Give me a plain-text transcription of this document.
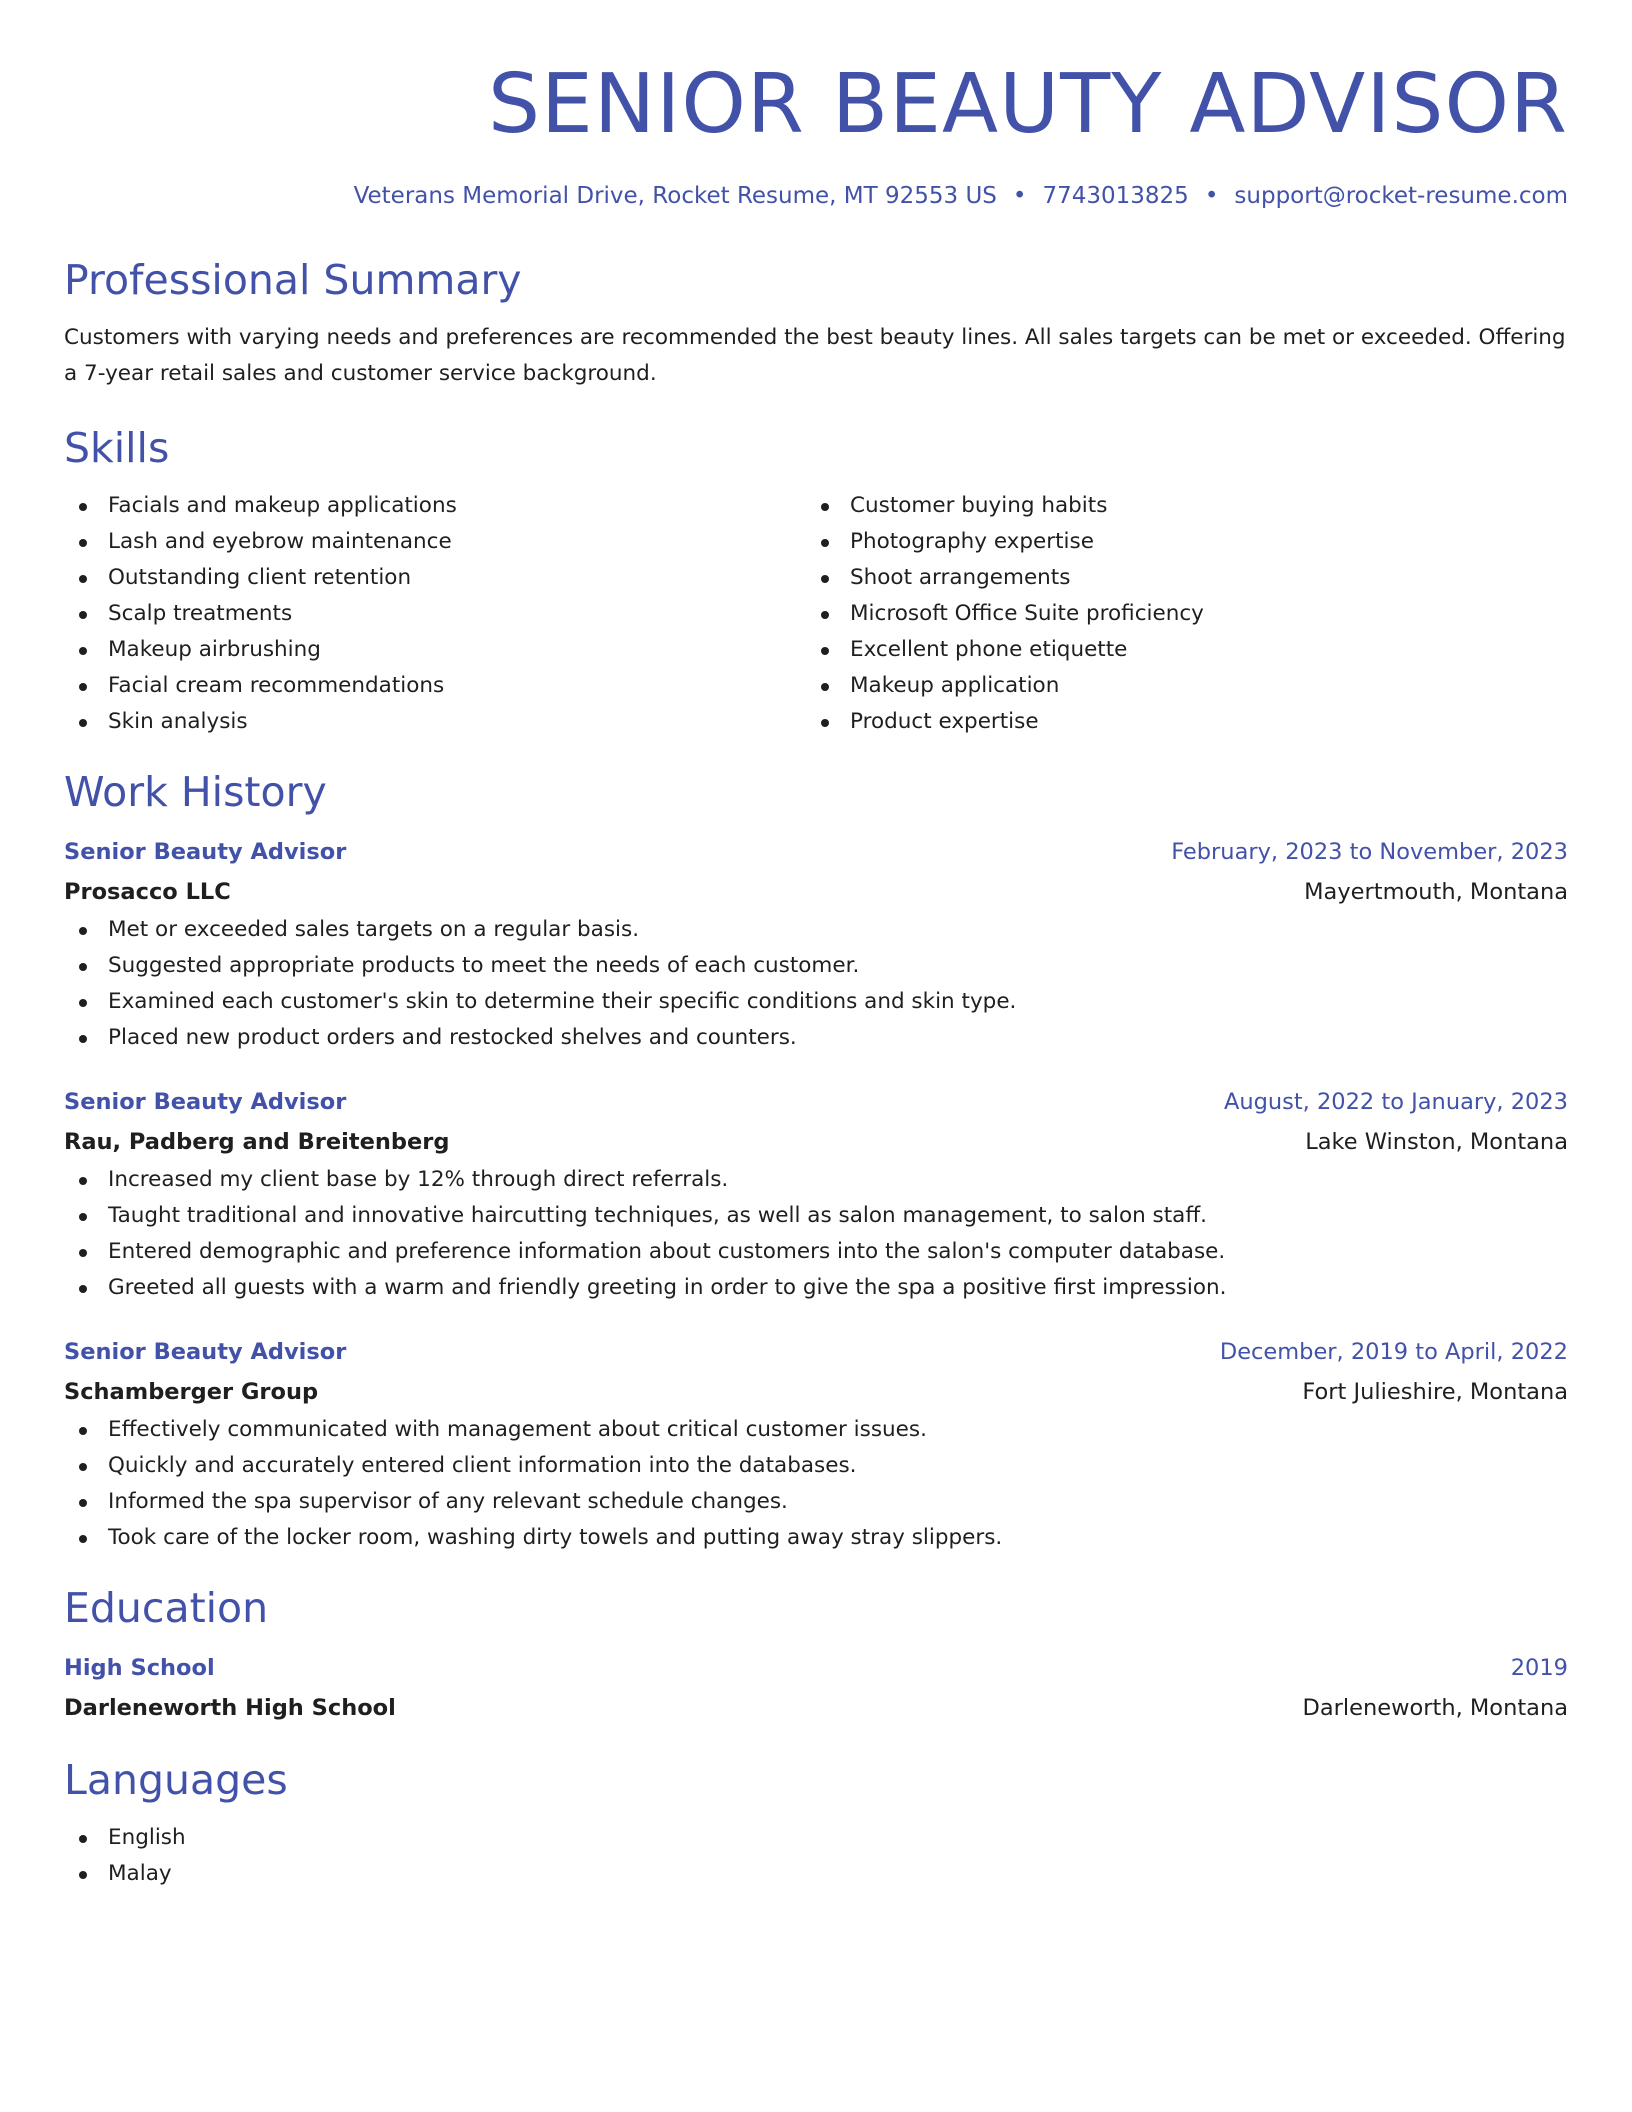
SENIOR BEAUTY ADVISOR
Veterans Memorial Drive, Rocket Resume, MT 92553 US • 7743013825 • support@rocket-resume.com
Professional Summary

Customers with varying needs and preferences are recommended the best beauty lines. All sales targets can be met or exceeded. Offering a 7-year retail sales and customer service background.

Skills
Facials and makeup applications
Lash and eyebrow maintenance
Outstanding client retention
Scalp treatments
Makeup airbrushing
Facial cream recommendations
Skin analysis
Customer buying habits
Photography expertise
Shoot arrangements
Microsoft Office Suite proficiency
Excellent phone etiquette
Makeup application
Product expertise
Work History
Senior Beauty Advisor	February, 2023 to November, 2023
Prosacco LLC	Mayertmouth, Montana
Met or exceeded sales targets on a regular basis.
Suggested appropriate products to meet the needs of each customer.
Examined each customer's skin to determine their specific conditions and skin type.
Placed new product orders and restocked shelves and counters.
Senior Beauty Advisor	August, 2022 to January, 2023
Rau, Padberg and Breitenberg	Lake Winston, Montana
Increased my client base by 12% through direct referrals.
Taught traditional and innovative haircutting techniques, as well as salon management, to salon staff.
Entered demographic and preference information about customers into the salon's computer database.
Greeted all guests with a warm and friendly greeting in order to give the spa a positive first impression.
Senior Beauty Advisor	December, 2019 to April, 2022
Schamberger Group	Fort Julieshire, Montana
Effectively communicated with management about critical customer issues.
Quickly and accurately entered client information into the databases.
Informed the spa supervisor of any relevant schedule changes.
Took care of the locker room, washing dirty towels and putting away stray slippers.
Education
High School	2019
Darleneworth High School	Darleneworth, Montana
Languages
English
Malay
